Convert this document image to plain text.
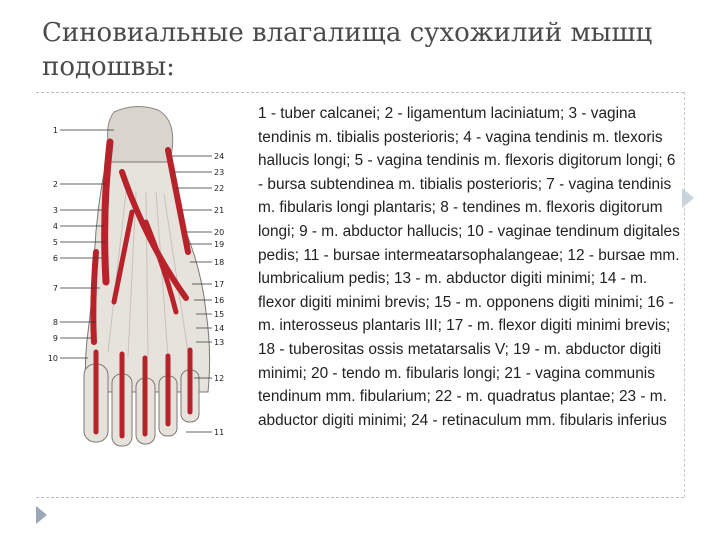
Синовиальные влагалища сухожилий мышц подошвы:
1
2
3
4
5
6
7
8
9
10
24
23
22
21
20
19
18
17
16
15
14
13
12
11

1 - tuber calcanei; 2 - ligamentum laciniatum; 3 - vagina tendinis m. tibialis posterioris; 4 - vagina tendinis m. tlexoris hallucis longi; 5 - vagina tendinis m. flexoris digitorum longi; 6 - bursa subtendinea m. tibialis posterioris; 7 - vagina tendinis m. fibularis longi plantaris; 8 - tendines m. flexoris digitorum longi; 9 - m. abductor hallucis; 10 - vaginae tendinum digitales pedis; 11 - bursae intermeatarsophalangeae; 12 - bursae mm. lumbricalium pedis; 13 - m. abductor digiti minimi; 14 - m. flexor digiti minimi brevis; 15 - m. opponens digiti minimi; 16 - m. interosseus plantaris III; 17 - m. flexor digiti minimi brevis; 18 - tuberositas ossis metatarsalis V; 19 - m. abductor digiti minimi; 20 - tendo m. fibularis longi; 21 - vagina communis tendinum mm. fibularium; 22 - m. quadratus plantae; 23 - m. abductor digiti minimi; 24 - retinaculum mm. fibularis inferius
